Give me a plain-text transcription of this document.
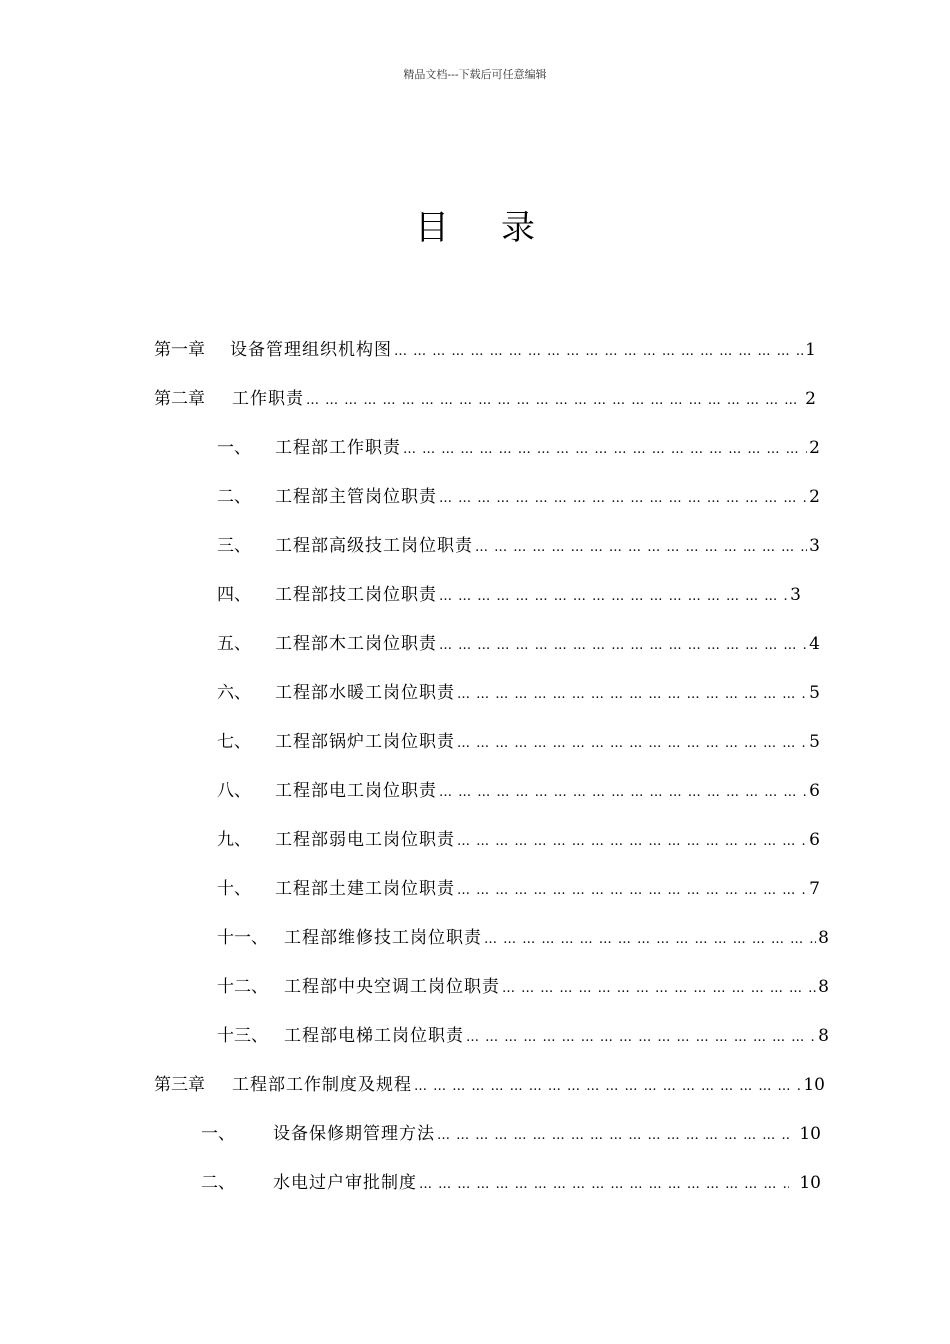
精品文档---下载后可任意编辑
目录
第一章	设备管理组织机构图 … … … … … … … … … … … … … … … … … … … … … … … … … … … … … … … … … … … … … … … … … … … … … … … …	1
第二章	工作职责 … … … … … … … … … … … … … … … … … … … … … … … … … … … … … … … … … … … … … … … … … … … … … … … …	2
一、	工程部工作职责 … … … … … … … … … … … … … … … … … … … … … … … … … … … … … … … … … … … … … … … … … … … … … … … …	2
二、	工程部主管岗位职责 … … … … … … … … … … … … … … … … … … … … … … … … … … … … … … … … … … … … … … … … … … … … … … … …	2
三、	工程部高级技工岗位职责 … … … … … … … … … … … … … … … … … … … … … … … … … … … … … … … … … … … … … … … … … … … … … … … …	3
四、	工程部技工岗位职责 … … … … … … … … … … … … … … … … … … … … … … … … … … … … … … … … … … … … … … … … … … … … … … … …	3
五、	工程部木工岗位职责 … … … … … … … … … … … … … … … … … … … … … … … … … … … … … … … … … … … … … … … … … … … … … … … …	4
六、	工程部水暖工岗位职责 … … … … … … … … … … … … … … … … … … … … … … … … … … … … … … … … … … … … … … … … … … … … … … … …	5
七、	工程部锅炉工岗位职责 … … … … … … … … … … … … … … … … … … … … … … … … … … … … … … … … … … … … … … … … … … … … … … … …	5
八、	工程部电工岗位职责 … … … … … … … … … … … … … … … … … … … … … … … … … … … … … … … … … … … … … … … … … … … … … … … …	6
九、	工程部弱电工岗位职责 … … … … … … … … … … … … … … … … … … … … … … … … … … … … … … … … … … … … … … … … … … … … … … … …	6
十、	工程部土建工岗位职责 … … … … … … … … … … … … … … … … … … … … … … … … … … … … … … … … … … … … … … … … … … … … … … … …	7
十一、 工程部维修技工岗位职责 … … … … … … … … … … … … … … … … … … … … … … … … … … … … … … … … … … … … … … … … … … … … … … … …	8
十二、 工程部中央空调工岗位职责 … … … … … … … … … … … … … … … … … … … … … … … … … … … … … … … … … … … … … … … … … … … … … … … …	8
十三、 工程部电梯工岗位职责 … … … … … … … … … … … … … … … … … … … … … … … … … … … … … … … … … … … … … … … … … … … … … … … …	8
第三章	工程部工作制度及规程 … … … … … … … … … … … … … … … … … … … … … … … … … … … … … … … … … … … … … … … … … … … … … … … …	10
一、	设备保修期管理方法 … … … … … … … … … … … … … … … … … … … … … … … … … … … … … … … … … … … … … … … … … … … … … … … …	10
二、	水电过户审批制度 … … … … … … … … … … … … … … … … … … … … … … … … … … … … … … … … … … … … … … … … … … … … … … … …	10
